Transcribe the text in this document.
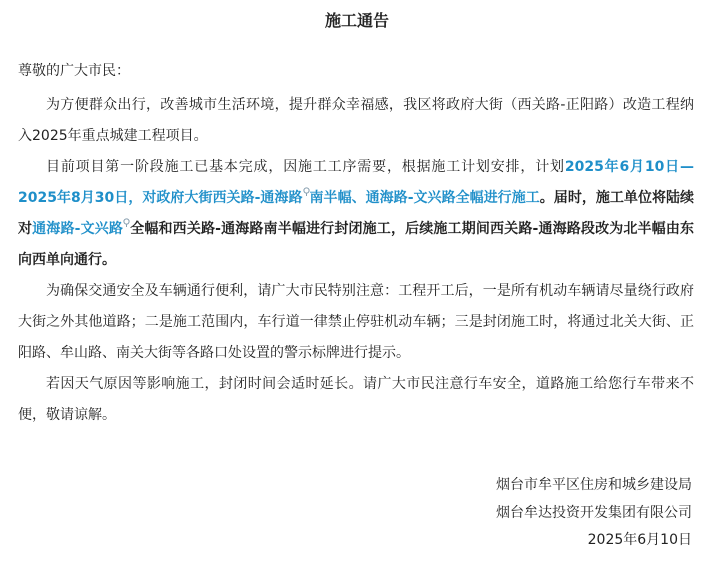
施工通告
尊敬的广大市民：

为方便群众出行，改善城市生活环境，提升群众幸福感，我区将政府大街（西关路-正阳路）改造工程纳入2025年重点城建工程项目。

目前项目第一阶段施工已基本完成，因施工工序需要，根据施工计划安排，计划2025年6月10日—2025年8月30日，对政府大街西关路-通海路 南半幅、通海路-文兴路全幅进行施工。届时，施工单位将陆续对通海路-文兴路 全幅和西关路-通海路南半幅进行封闭施工，后续施工期间西关路-通海路段改为北半幅由东向西单向通行。

为确保交通安全及车辆通行便利，请广大市民特别注意：工程开工后，一是所有机动车辆请尽量绕行政府大街之外其他道路；二是施工范围内，车行道一律禁止停驻机动车辆；三是封闭施工时，将通过北关大街、正阳路、牟山路、南关大街等各路口处设置的警示标牌进行提示。

若因天气原因等影响施工，封闭时间会适时延长。请广大市民注意行车安全，道路施工给您行车带来不便，敬请谅解。

烟台市牟平区住房和城乡建设局
烟台牟达投资开发集团有限公司
2025年6月10日
